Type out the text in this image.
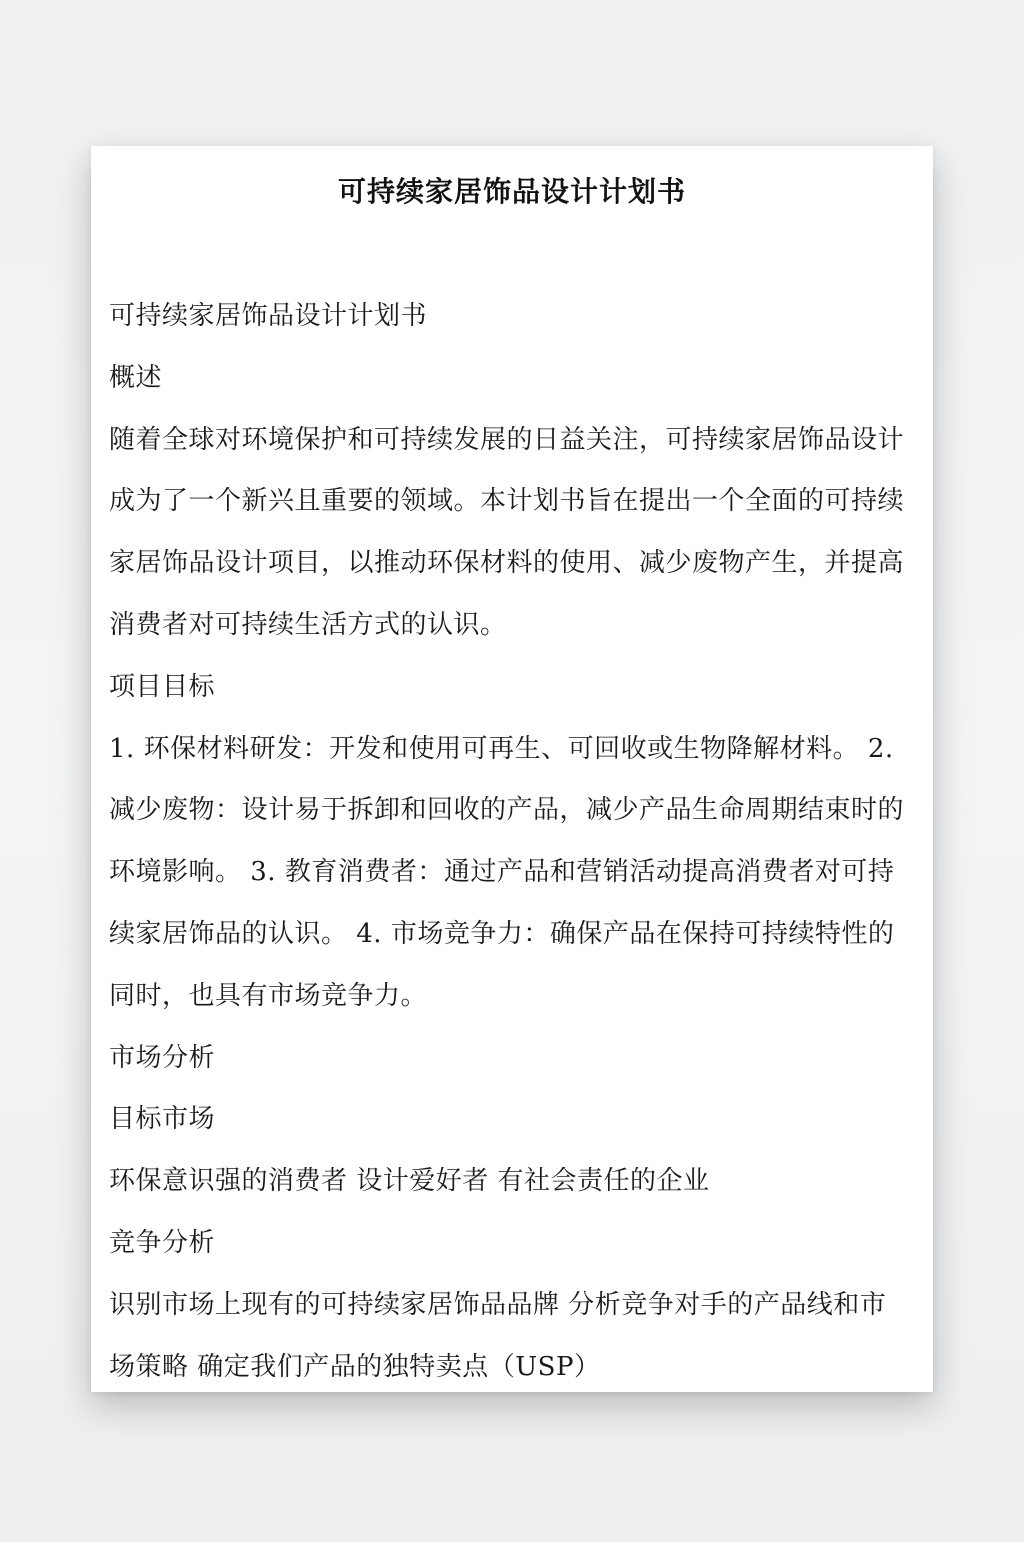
可持续家居饰品设计计划书

可持续家居饰品设计计划书

概述

随着全球对环境保护和可持续发展的日益关注，可持续家居饰品设计

成为了一个新兴且重要的领域。本计划书旨在提出一个全面的可持续

家居饰品设计项目，以推动环保材料的使用、减少废物产生，并提高

消费者对可持续生活方式的认识。

项目目标

1. 环保材料研发：开发和使用可再生、可回收或生物降解材料。 2.

减少废物：设计易于拆卸和回收的产品，减少产品生命周期结束时的

环境影响。 3. 教育消费者：通过产品和营销活动提高消费者对可持

续家居饰品的认识。 4. 市场竞争力：确保产品在保持可持续特性的

同时，也具有市场竞争力。

市场分析

目标市场

环保意识强的消费者 设计爱好者 有社会责任的企业

竞争分析

识别市场上现有的可持续家居饰品品牌 分析竞争对手的产品线和市

场策略 确定我们产品的独特卖点（USP）
